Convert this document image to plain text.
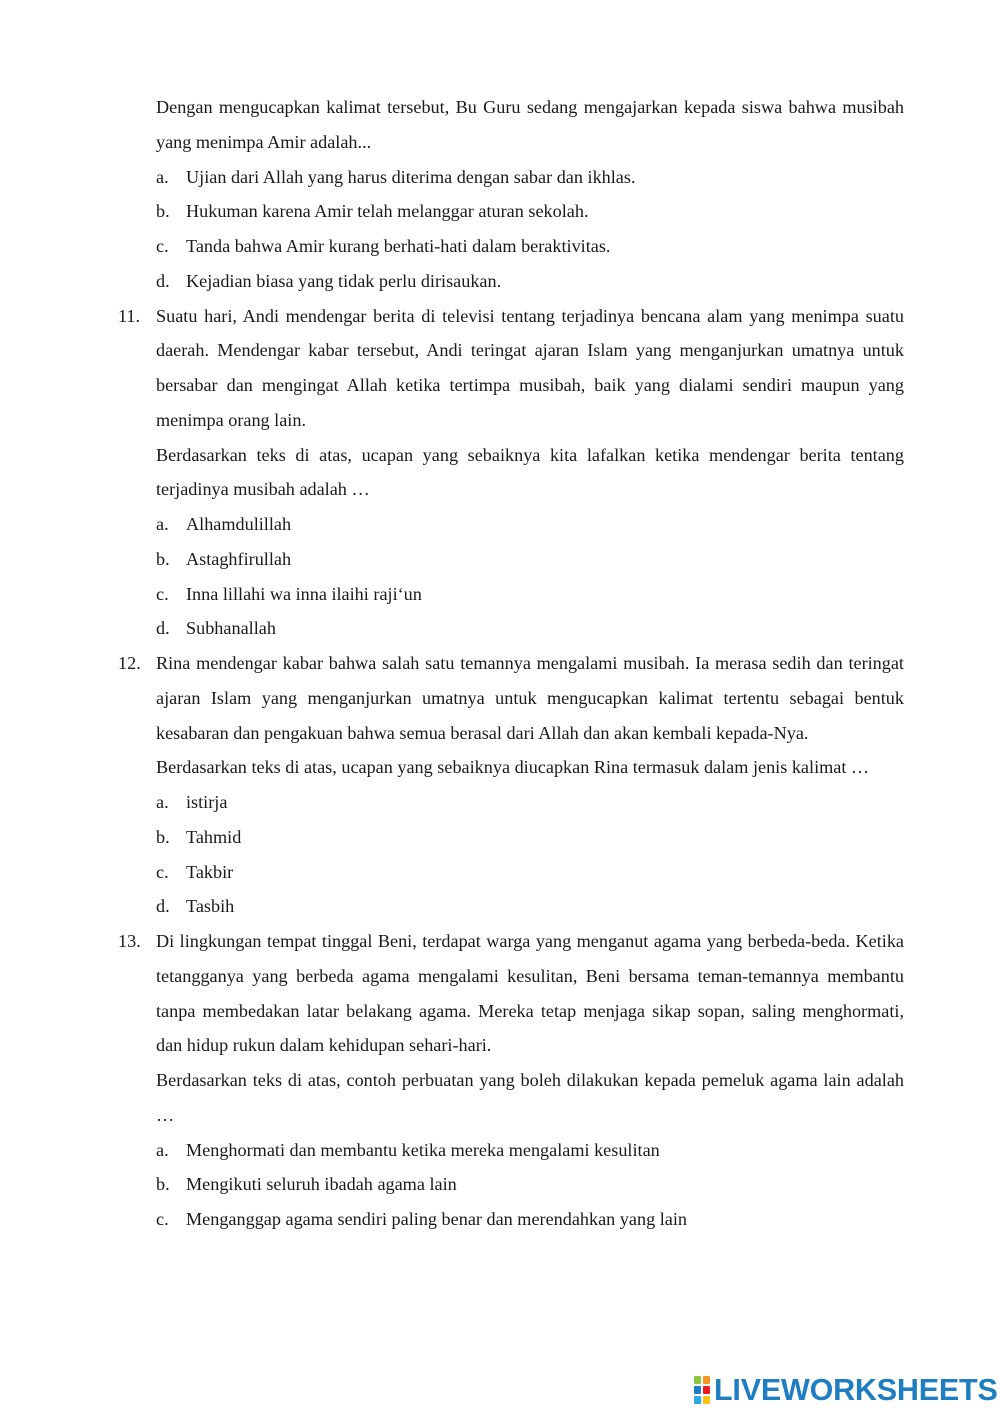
Dengan mengucapkan kalimat tersebut, Bu Guru sedang mengajarkan kepada siswa bahwa musibah yang menimpa Amir adalah...
a. Ujian dari Allah yang harus diterima dengan sabar dan ikhlas.
b. Hukuman karena Amir telah melanggar aturan sekolah.
c. Tanda bahwa Amir kurang berhati-hati dalam beraktivitas.
d. Kejadian biasa yang tidak perlu dirisaukan.
11. Suatu hari, Andi mendengar berita di televisi tentang terjadinya bencana alam yang menimpa suatu daerah. Mendengar kabar tersebut, Andi teringat ajaran Islam yang menganjurkan umatnya untuk bersabar dan mengingat Allah ketika tertimpa musibah, baik yang dialami sendiri maupun yang menimpa orang lain.
Berdasarkan teks di atas, ucapan yang sebaiknya kita lafalkan ketika mendengar berita tentang terjadinya musibah adalah …
a. Alhamdulillah
b. Astaghfirullah
c. Inna lillahi wa inna ilaihi raji‘un
d. Subhanallah
12. Rina mendengar kabar bahwa salah satu temannya mengalami musibah. Ia merasa sedih dan teringat ajaran Islam yang menganjurkan umatnya untuk mengucapkan kalimat tertentu sebagai bentuk kesabaran dan pengakuan bahwa semua berasal dari Allah dan akan kembali kepada-Nya.
Berdasarkan teks di atas, ucapan yang sebaiknya diucapkan Rina termasuk dalam jenis kalimat …
a. istirja
b. Tahmid
c. Takbir
d. Tasbih
13. Di lingkungan tempat tinggal Beni, terdapat warga yang menganut agama yang berbeda-beda. Ketika tetangganya yang berbeda agama mengalami kesulitan, Beni bersama teman-temannya membantu tanpa membedakan latar belakang agama. Mereka tetap menjaga sikap sopan, saling menghormati, dan hidup rukun dalam kehidupan sehari-hari.
Berdasarkan teks di atas, contoh perbuatan yang boleh dilakukan kepada pemeluk agama lain adalah …
a. Menghormati dan membantu ketika mereka mengalami kesulitan
b. Mengikuti seluruh ibadah agama lain
c. Menganggap agama sendiri paling benar dan merendahkan yang lain
LIVEWORKSHEETS
